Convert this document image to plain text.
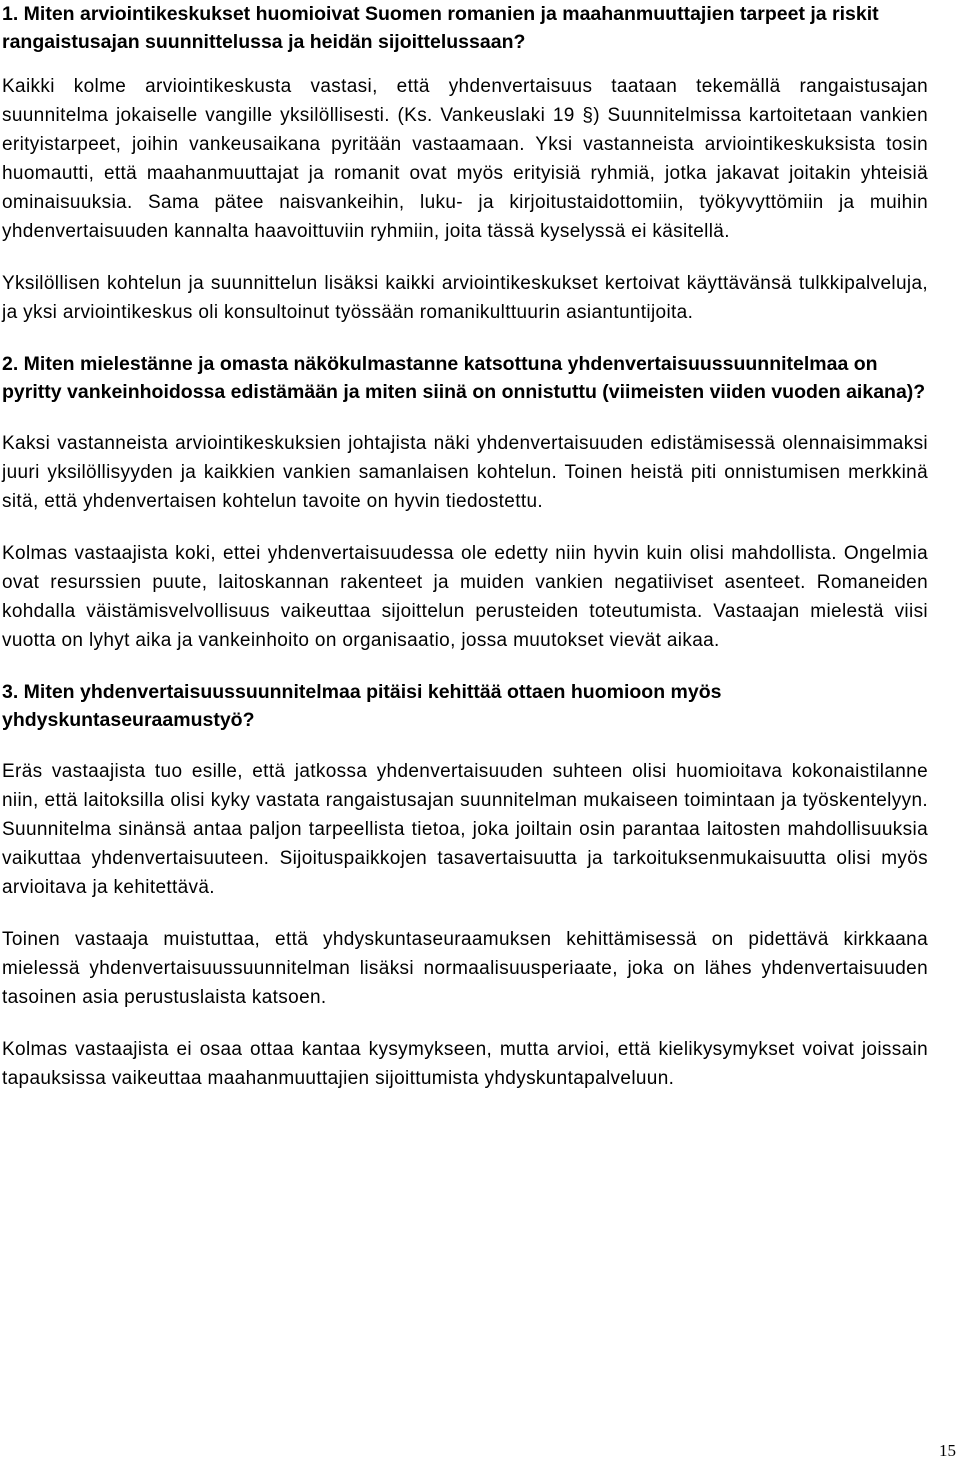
1. Miten arviointikeskukset huomioivat Suomen romanien ja maahanmuuttajien tarpeet ja riskit rangaistusajan suunnittelussa ja heidän sijoittelussaan?

Kaikki kolme arviointikeskusta vastasi, että yhdenvertaisuus taataan tekemällä rangaistusajan suunnitelma jokaiselle vangille yksilöllisesti. (Ks. Vankeuslaki 19 §) Suunnitelmissa kartoitetaan vankien erityistarpeet, joihin vankeusaikana pyritään vastaamaan. Yksi vastanneista arviointikeskuksista tosin huomautti, että maahanmuuttajat ja romanit ovat myös erityisiä ryhmiä, jotka jakavat joitakin yhteisiä ominaisuuksia. Sama pätee naisvankeihin, luku- ja kirjoitustaidottomiin, työkyvyttömiin ja muihin yhdenvertaisuuden kannalta haavoittuviin ryhmiin, joita tässä kyselyssä ei käsitellä.

Yksilöllisen kohtelun ja suunnittelun lisäksi kaikki arviointikeskukset kertoivat käyttävänsä tulkkipalveluja, ja yksi arviointikeskus oli konsultoinut työssään romanikulttuurin asiantuntijoita.

2. Miten mielestänne ja omasta näkökulmastanne katsottuna yhdenvertaisuussuunnitelmaa on pyritty vankeinhoidossa edistämään ja miten siinä on onnistuttu (viimeisten viiden vuoden aikana)?

Kaksi vastanneista arviointikeskuksien johtajista näki yhdenvertaisuuden edistämisessä olennaisimmaksi juuri yksilöllisyyden ja kaikkien vankien samanlaisen kohtelun. Toinen heistä piti onnistumisen merkkinä sitä, että yhdenvertaisen kohtelun tavoite on hyvin tiedostettu.

Kolmas vastaajista koki, ettei yhdenvertaisuudessa ole edetty niin hyvin kuin olisi mahdollista. Ongelmia ovat resurssien puute, laitoskannan rakenteet ja muiden vankien negatiiviset asenteet. Romaneiden kohdalla väistämisvelvollisuus vaikeuttaa sijoittelun perusteiden toteutumista. Vastaajan mielestä viisi vuotta on lyhyt aika ja vankeinhoito on organisaatio, jossa muutokset vievät aikaa.

3. Miten yhdenvertaisuussuunnitelmaa pitäisi kehittää ottaen huomioon myös yhdyskuntaseuraamustyö?

Eräs vastaajista tuo esille, että jatkossa yhdenvertaisuuden suhteen olisi huomioitava kokonaistilanne niin, että laitoksilla olisi kyky vastata rangaistusajan suunnitelman mukaiseen toimintaan ja työskentelyyn. Suunnitelma sinänsä antaa paljon tarpeellista tietoa, joka joiltain osin parantaa laitosten mahdollisuuksia vaikuttaa yhdenvertaisuuteen. Sijoituspaikkojen tasavertaisuutta ja tarkoituksenmukaisuutta olisi myös arvioitava ja kehitettävä.

Toinen vastaaja muistuttaa, että yhdyskuntaseuraamuksen kehittämisessä on pidettävä kirkkaana mielessä yhdenvertaisuussuunnitelman lisäksi normaalisuusperiaate, joka on lähes yhdenvertaisuuden tasoinen asia perustuslaista katsoen.

Kolmas vastaajista ei osaa ottaa kantaa kysymykseen, mutta arvioi, että kielikysymykset voivat joissain tapauksissa vaikeuttaa maahanmuuttajien sijoittumista yhdyskuntapalveluun.

15
